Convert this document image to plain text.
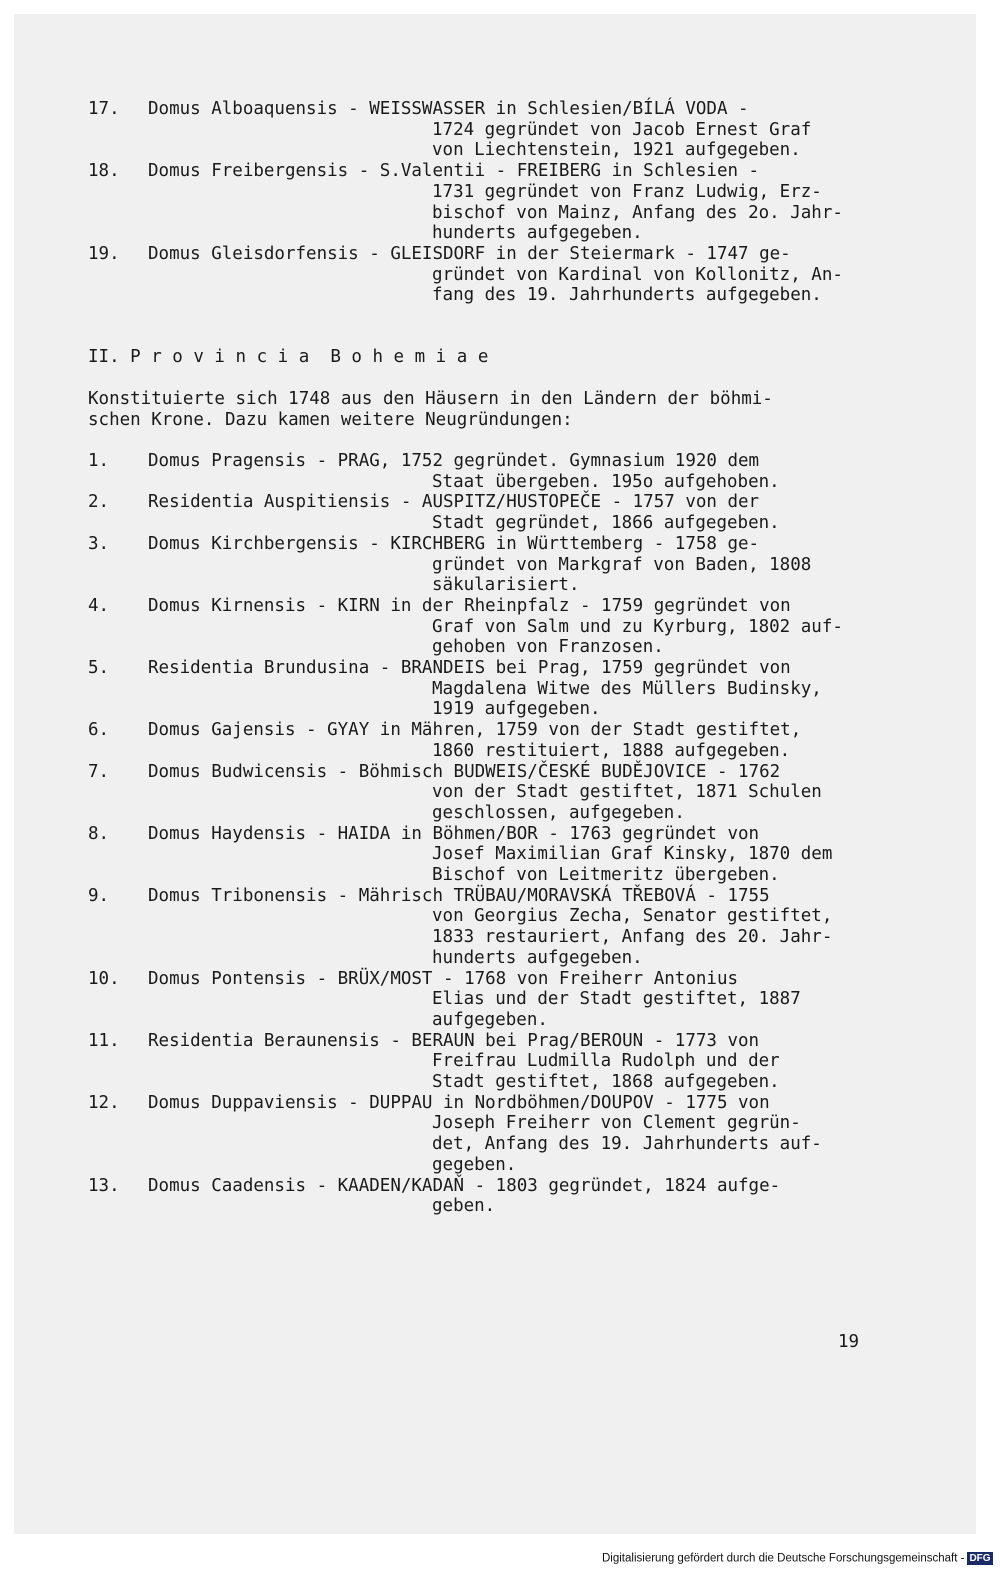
II. P r o v i n c i a  B o h e m i a e
19
Digitalisierung gefördert durch die Deutsche Forschungsgemeinschaft - DFG
17. Domus Alboaquensis - WEISSWASSER in Schlesien/BÍLÁ VODA -
1724 gegründet von Jacob Ernest Graf
von Liechtenstein, 1921 aufgegeben.
18. Domus Freibergensis - S.Valentii - FREIBERG in Schlesien -
1731 gegründet von Franz Ludwig, Erz-
bischof von Mainz, Anfang des 2o. Jahr-
hunderts aufgegeben.
19. Domus Gleisdorfensis - GLEISDORF in der Steiermark - 1747 ge-
gründet von Kardinal von Kollonitz, An-
fang des 19. Jahrhunderts aufgegeben.
Konstituierte sich 1748 aus den Häusern in den Ländern der böhmi-
schen Krone. Dazu kamen weitere Neugründungen:
1. Domus Pragensis - PRAG, 1752 gegründet. Gymnasium 1920 dem
Staat übergeben. 195o aufgehoben.
2. Residentia Auspitiensis - AUSPITZ/HUSTOPEČE - 1757 von der
Stadt gegründet, 1866 aufgegeben.
3. Domus Kirchbergensis - KIRCHBERG in Württemberg - 1758 ge-
gründet von Markgraf von Baden, 1808
säkularisiert.
4. Domus Kirnensis - KIRN in der Rheinpfalz - 1759 gegründet von
Graf von Salm und zu Kyrburg, 1802 auf-
gehoben von Franzosen.
5. Residentia Brundusina - BRANDEIS bei Prag, 1759 gegründet von
Magdalena Witwe des Müllers Budinsky,
1919 aufgegeben.
6. Domus Gajensis - GYAY in Mähren, 1759 von der Stadt gestiftet,
1860 restituiert, 1888 aufgegeben.
7. Domus Budwicensis - Böhmisch BUDWEIS/ČESKÉ BUDĚJOVICE - 1762
von der Stadt gestiftet, 1871 Schulen
geschlossen, aufgegeben.
8. Domus Haydensis - HAIDA in Böhmen/BOR - 1763 gegründet von
Josef Maximilian Graf Kinsky, 1870 dem
Bischof von Leitmeritz übergeben.
9. Domus Tribonensis - Mährisch TRÜBAU/MORAVSKÁ TŘEBOVÁ - 1755
von Georgius Zecha, Senator gestiftet,
1833 restauriert, Anfang des 20. Jahr-
hunderts aufgegeben.
10. Domus Pontensis - BRÜX/MOST - 1768 von Freiherr Antonius
Elias und der Stadt gestiftet, 1887
aufgegeben.
11. Residentia Beraunensis - BERAUN bei Prag/BEROUN - 1773 von
Freifrau Ludmilla Rudolph und der
Stadt gestiftet, 1868 aufgegeben.
12. Domus Duppaviensis - DUPPAU in Nordböhmen/DOUPOV - 1775 von
Joseph Freiherr von Clement gegrün-
det, Anfang des 19. Jahrhunderts auf-
gegeben.
13. Domus Caadensis - KAADEN/KADAŇ - 1803 gegründet, 1824 aufge-
geben.
